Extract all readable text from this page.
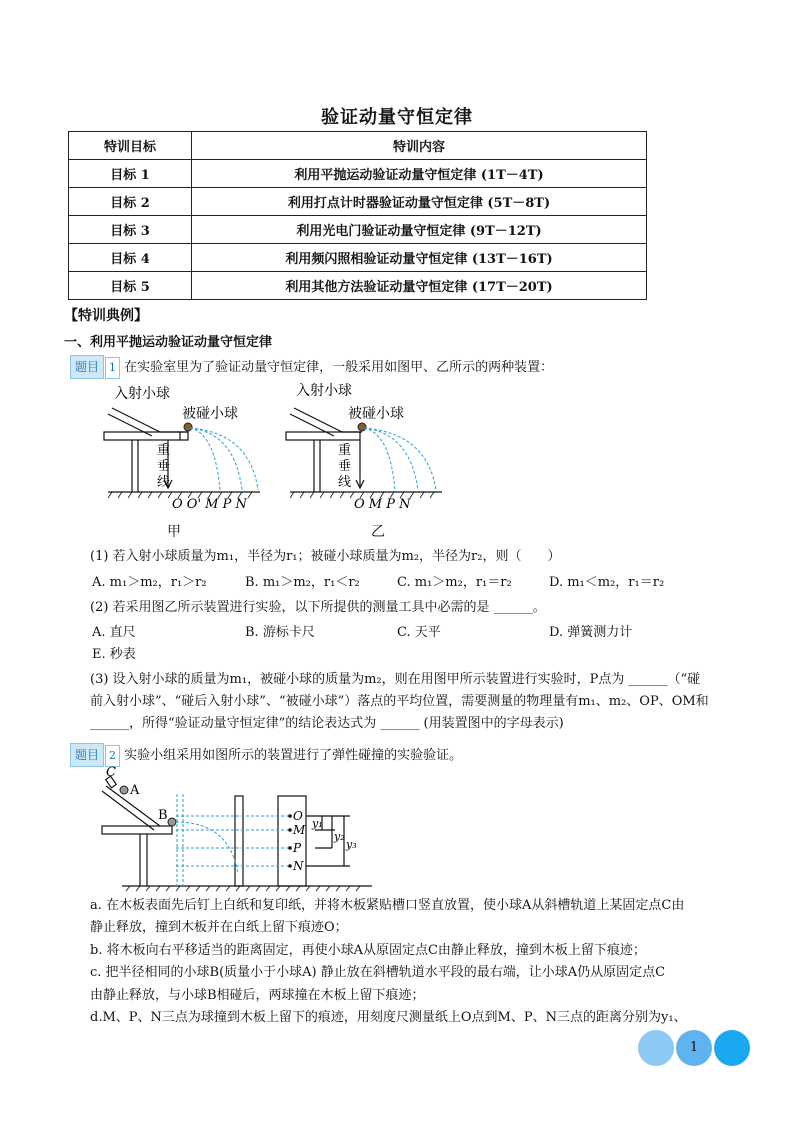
验证动量守恒定律
特训目标	特训内容
目标 1	利用平抛运动验证动量守恒定律 (1T－4T)
目标 2	利用打点计时器验证动量守恒定律 (5T－8T)
目标 3	利用光电门验证动量守恒定律 (9T－12T)
目标 4	利用频闪照相验证动量守恒定律 (13T－16T)
目标 5	利用其他方法验证动量守恒定律 (17T－20T)
【特训典例】
一、利用平抛运动验证动量守恒定律
题目 1 在实验室里为了验证动量守恒定律，一般采用如图甲、乙所示的两种装置：
入射小球
被碰小球
重
垂
线
O O' M P N
甲
入射小球
被碰小球
重
垂
线
O M P N
乙
(1) 若入射小球质量为m₁，半径为r₁；被碰小球质量为m₂，半径为r₂，则（　　）
A. m₁＞m₂，r₁＞r₂	B. m₁＞m₂，r₁＜r₂	C. m₁＞m₂，r₁＝r₂	D. m₁＜m₂，r₁＝r₂
(2) 若采用图乙所示装置进行实验，以下所提供的测量工具中必需的是 ______。
A. 直尺	B. 游标卡尺	C. 天平	D. 弹簧测力计
E. 秒表
(3) 设入射小球的质量为m₁，被碰小球的质量为m₂，则在用图甲所示装置进行实验时，P点为 ______（“碰
前入射小球”、“碰后入射小球”、“被碰小球”）落点的平均位置，需要测量的物理量有m₁、m₂、OP、OM和
______，所得“验证动量守恒定律”的结论表达式为 ______ (用装置图中的字母表示)
题目 2 实验小组采用如图所示的装置进行了弹性碰撞的实验验证。
C
A
B	O
M
P
N
y₁
y₂
y₃
a. 在木板表面先后钉上白纸和复印纸，并将木板紧贴槽口竖直放置，使小球A从斜槽轨道上某固定点C由
静止释放，撞到木板并在白纸上留下痕迹O；
b. 将木板向右平移适当的距离固定，再使小球A从原固定点C由静止释放，撞到木板上留下痕迹；
c. 把半径相同的小球B(质量小于小球A) 静止放在斜槽轨道水平段的最右端，让小球A仍从原固定点C
由静止释放，与小球B相碰后，两球撞在木板上留下痕迹；
d.M、P、N三点为球撞到木板上留下的痕迹，用刻度尺测量纸上O点到M、P、N三点的距离分别为y₁、
1
